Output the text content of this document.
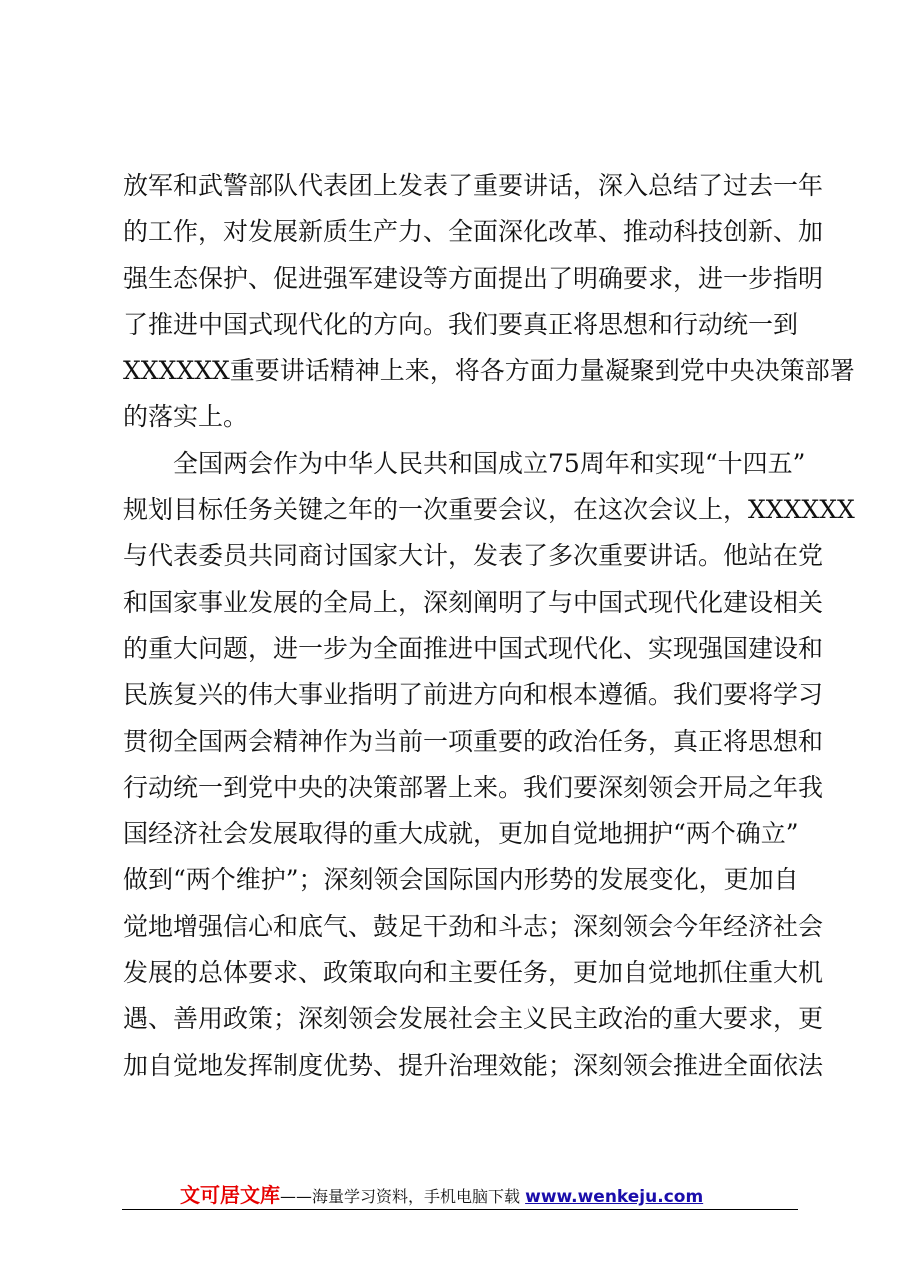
放军和武警部队代表团上发表了重要讲话，深入总结了过去一年
的工作，对发展新质生产力、全面深化改革、推动科技创新、加
强生态保护、促进强军建设等方面提出了明确要求，进一步指明
了推进中国式现代化的方向。我们要真正将思想和行动统一到
XXXXXX重要讲话精神上来，将各方面力量凝聚到党中央决策部署
的落实上。
　　全国两会作为中华人民共和国成立75周年和实现“十四五”
规划目标任务关键之年的一次重要会议，在这次会议上，XXXXXX
与代表委员共同商讨国家大计，发表了多次重要讲话。他站在党
和国家事业发展的全局上，深刻阐明了与中国式现代化建设相关
的重大问题，进一步为全面推进中国式现代化、实现强国建设和
民族复兴的伟大事业指明了前进方向和根本遵循。我们要将学习
贯彻全国两会精神作为当前一项重要的政治任务，真正将思想和
行动统一到党中央的决策部署上来。我们要深刻领会开局之年我
国经济社会发展取得的重大成就，更加自觉地拥护“两个确立”
做到“两个维护”；深刻领会国际国内形势的发展变化，更加自
觉地增强信心和底气、鼓足干劲和斗志；深刻领会今年经济社会
发展的总体要求、政策取向和主要任务，更加自觉地抓住重大机
遇、善用政策；深刻领会发展社会主义民主政治的重大要求，更
加自觉地发挥制度优势、提升治理效能；深刻领会推进全面依法
文可居文库——海量学习资料，手机电脑下载 www.wenkeju.com
